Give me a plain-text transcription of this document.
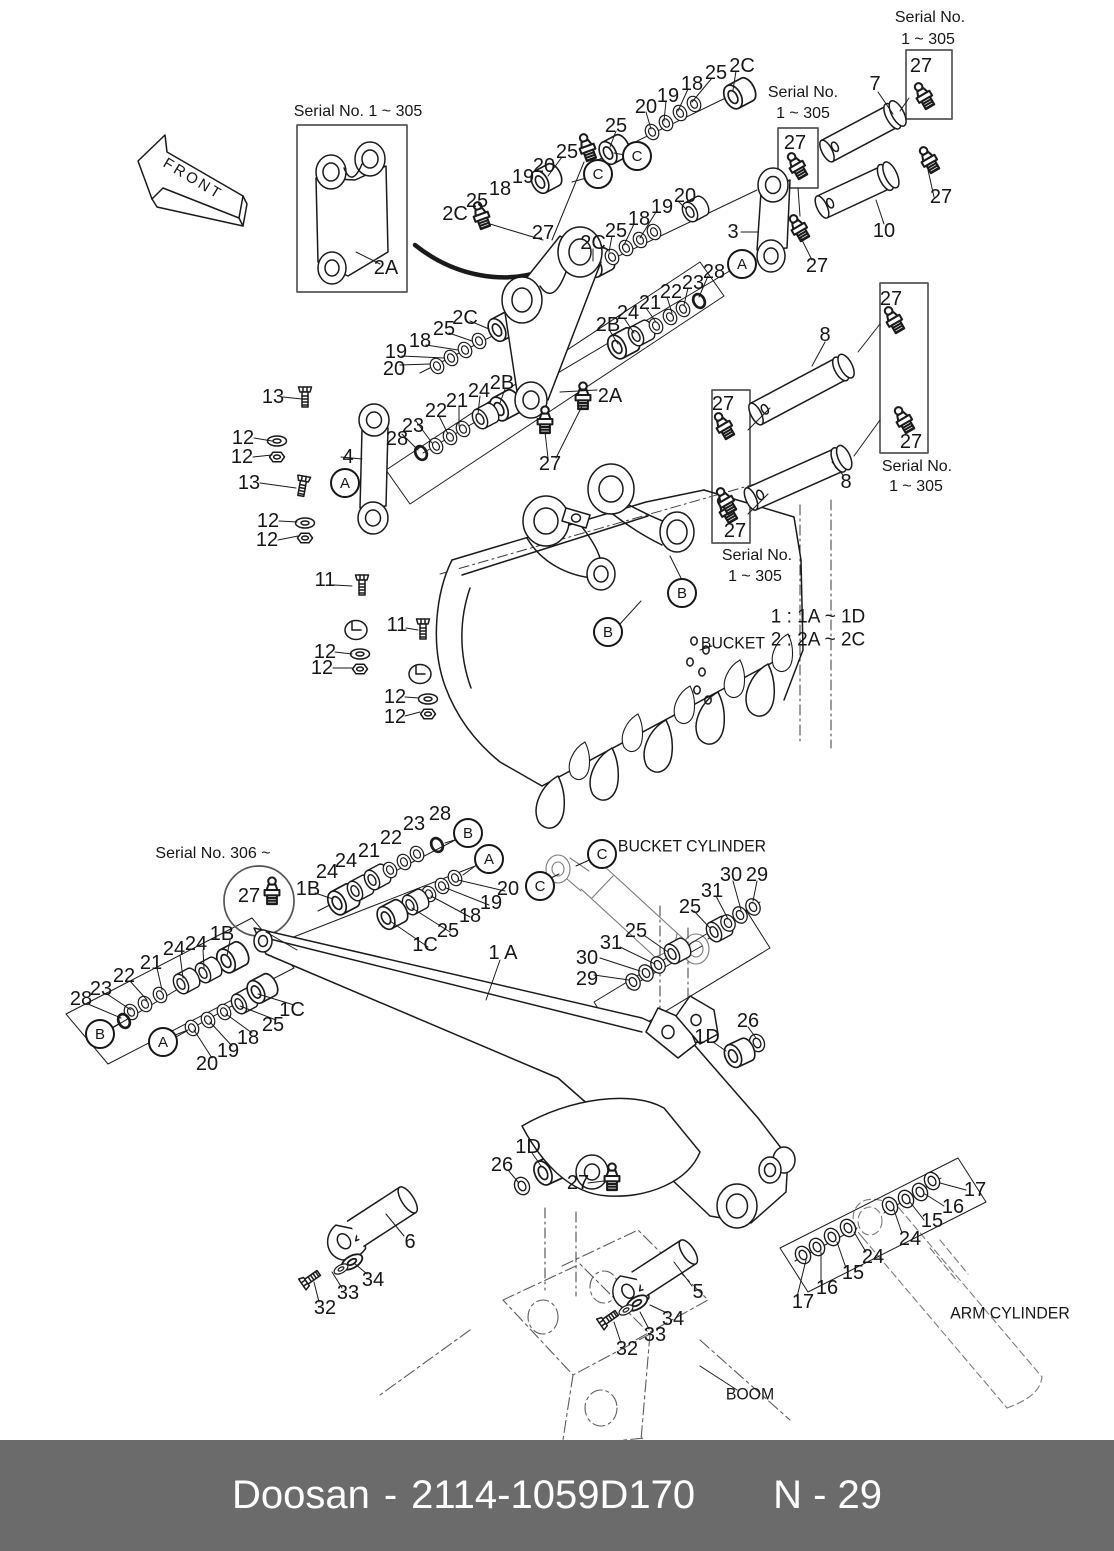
Serial No. 1 ~ 305
FRONT
2A
25
20 19
18 25 2C
C
25
C
2C
25
18
19
20
27 2C
25
18
19 20
Serial No.
1 ~ 305
27
3
A	27
7
10
27
Serial No.
1 ~ 305
27
2B
24 21
22 23
28
2C
25
18
19
20
2B
24
21
22
23
28
2A
27
13
12
12	4
A
13
12
12
27
27
Serial No.
1 ~ 305
8
8
27
27
Serial No.
1 ~ 305
11
11
12
12
12
12
B
B
BUCKET
1 : 1A ~ 1D
2 : 2A ~ 2C
Serial No. 306 ~
27 1B
24
24 21
22
23 28
B
A
20
19
18
25
1C	1 A
1B
24
24
21
22
23
28
B	A
20
19
18
25
1C
BUCKET CYLINDER
C
C	30 29
31
25
25
31
30
29
26
1D
1D
26
27
6
34
33
32
5
34
33
32
BOOM
17
16
15
24
24
15
16
17	ARM CYLINDER
Doosan - 2114-1059D170 N - 29
